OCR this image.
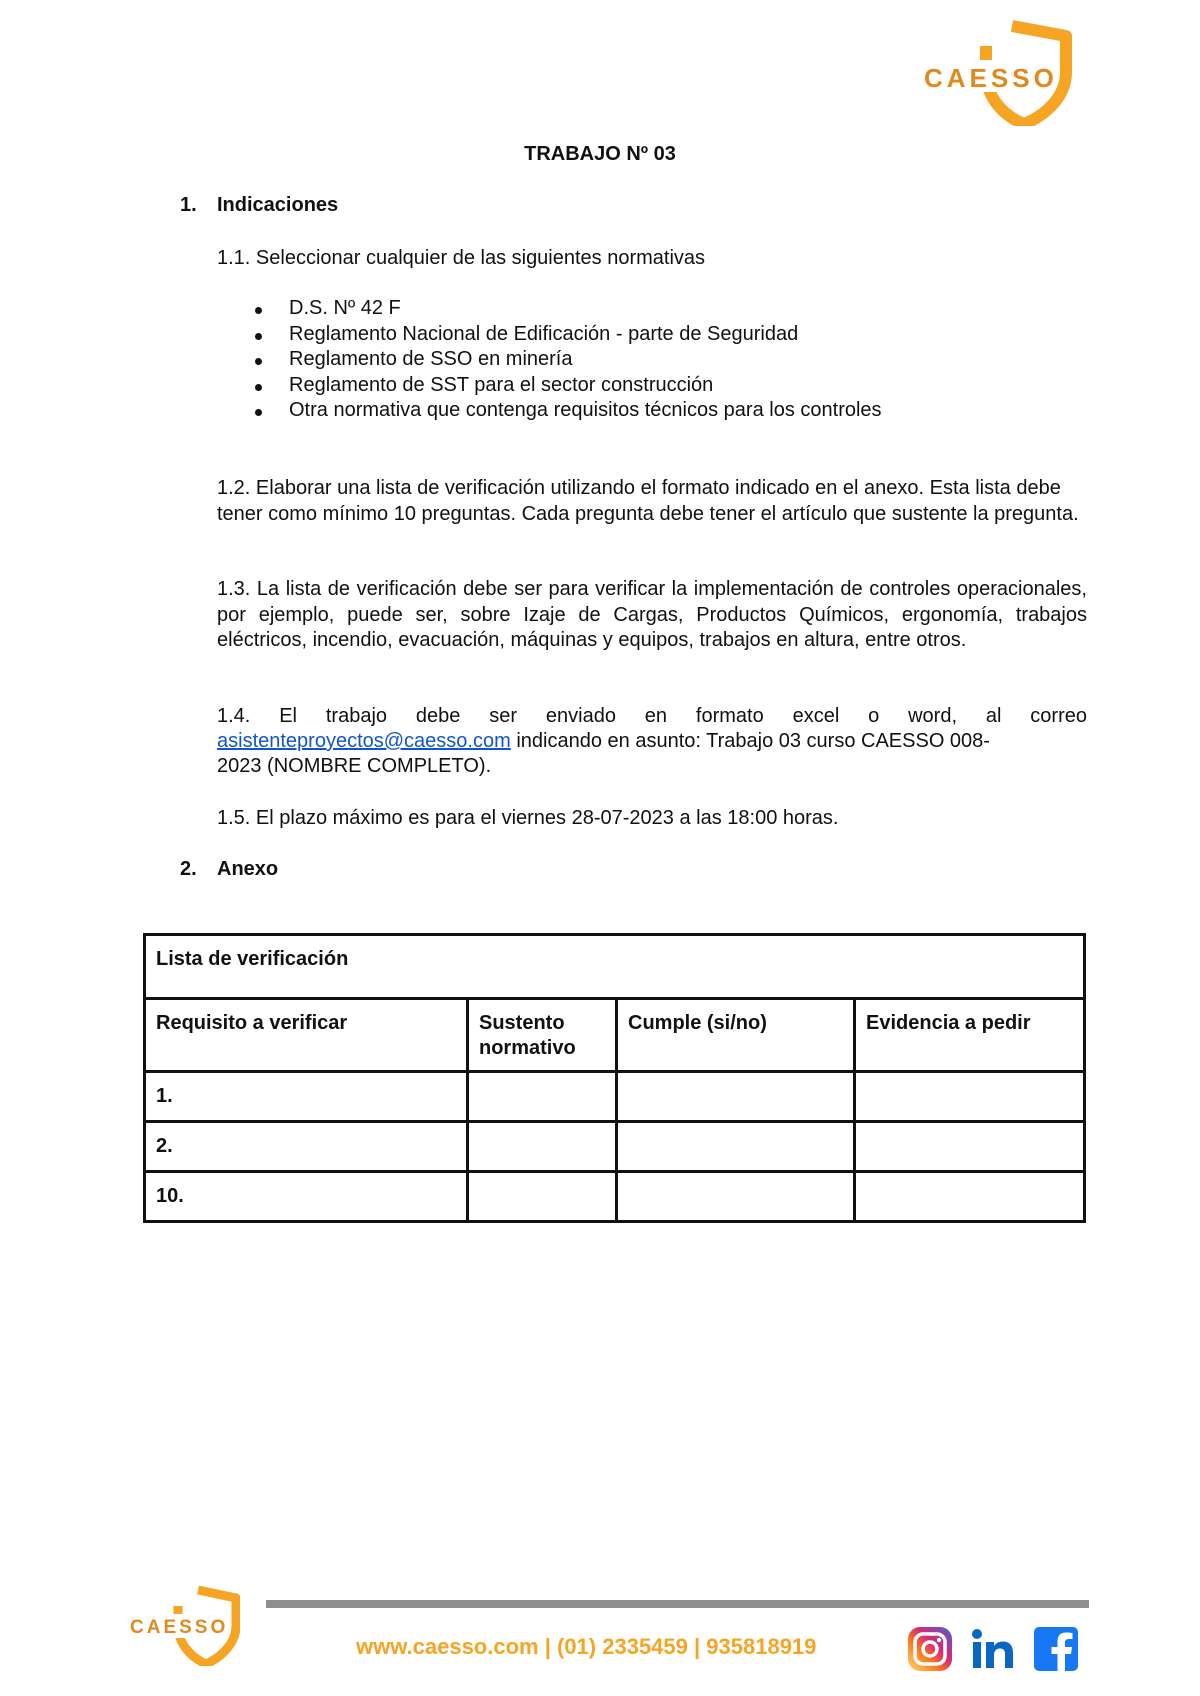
CAESSO
TRABAJO Nº 03
1. Indicaciones
1.1. Seleccionar cualquier de las siguientes normativas
D.S. Nº 42 F
Reglamento Nacional de Edificación - parte de Seguridad
Reglamento de SSO en minería
Reglamento de SST para el sector construcción
Otra normativa que contenga requisitos técnicos para los controles
1.2. Elaborar una lista de verificación utilizando el formato indicado en el anexo. Esta lista debe tener como mínimo 10 preguntas. Cada pregunta debe tener el artículo que sustente la pregunta.
1.3. La lista de verificación debe ser para verificar la implementación de controles operacionales, por ejemplo, puede ser, sobre Izaje de Cargas, Productos Químicos, ergonomía, trabajos eléctricos, incendio, evacuación, máquinas y equipos, trabajos en altura, entre otros.
1.4. El trabajo debe ser enviado en formato excel o word, al correo
asistenteproyectos@caesso.com indicando en asunto: Trabajo 03 curso CAESSO 008-
2023 (NOMBRE COMPLETO).
1.5. El plazo máximo es para el viernes 28-07-2023 a las 18:00 horas.
2. Anexo
Lista de verificación			
Requisito a verificar	Sustento normativo	Cumple (si/no)	Evidencia a pedir
1.			
2.			
10.			
CAESSO
www.caesso.com | (01) 2335459 | 935818919
